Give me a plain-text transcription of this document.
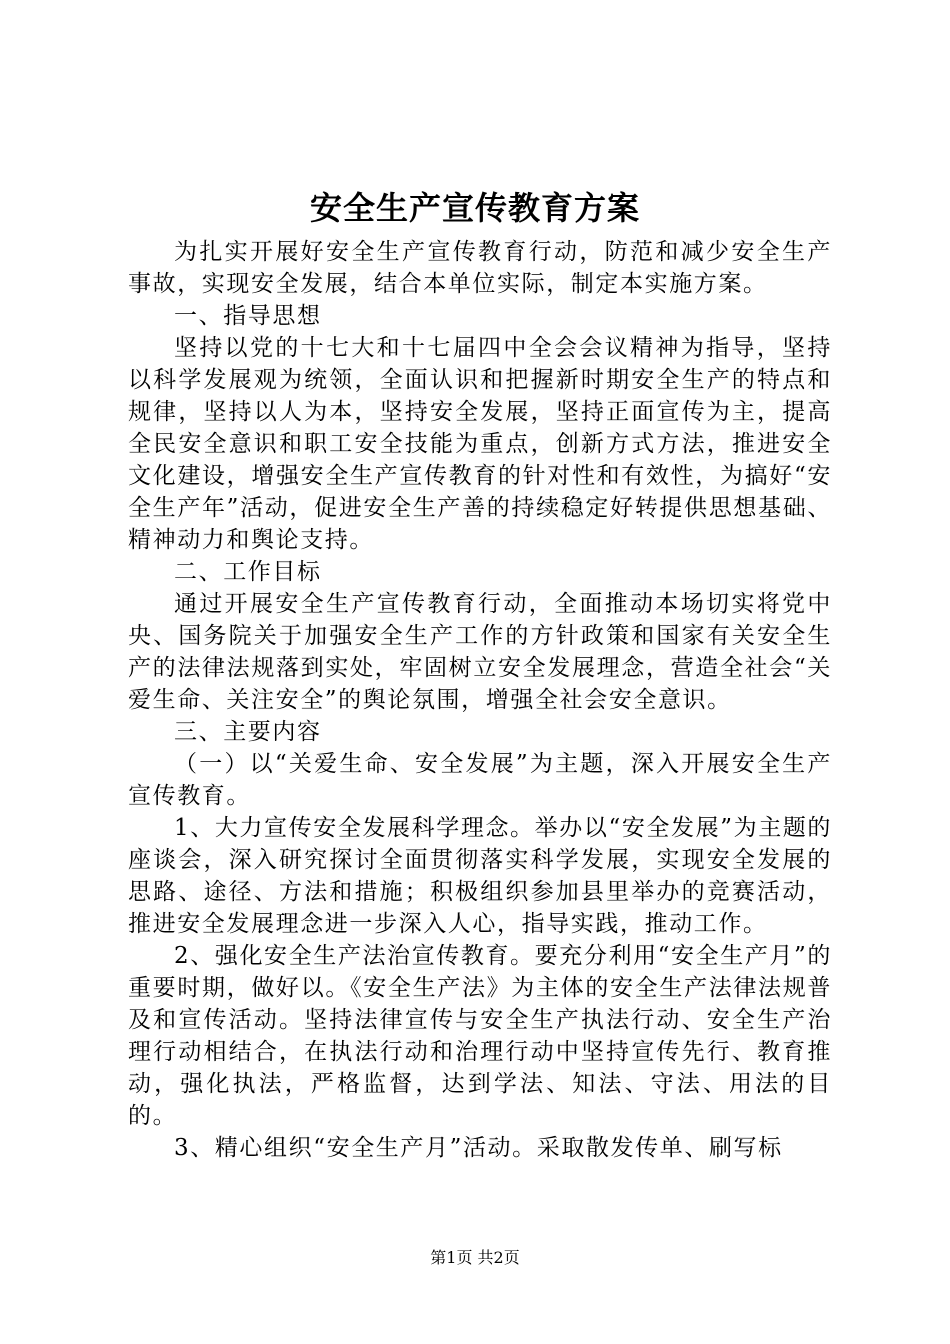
安全生产宣传教育方案

为扎实开展好安全生产宣传教育行动，防范和减少安全生产事故，实现安全发展，结合本单位实际，制定本实施方案。

一、指导思想

坚持以党的十七大和十七届四中全会会议精神为指导，坚持以科学发展观为统领，全面认识和把握新时期安全生产的特点和规律，坚持以人为本，坚持安全发展，坚持正面宣传为主，提高全民安全意识和职工安全技能为重点，创新方式方法，推进安全文化建设，增强安全生产宣传教育的针对性和有效性，为搞好“安全生产年”活动，促进安全生产善的持续稳定好转提供思想基础、精神动力和舆论支持。

二、工作目标

通过开展安全生产宣传教育行动，全面推动本场切实将党中央、国务院关于加强安全生产工作的方针政策和国家有关安全生产的法律法规落到实处，牢固树立安全发展理念，营造全社会“关爱生命、关注安全”的舆论氛围，增强全社会安全意识。

三、主要内容

（一）以“关爱生命、安全发展”为主题，深入开展安全生产宣传教育。

1、大力宣传安全发展科学理念。举办以“安全发展”为主题的座谈会，深入研究探讨全面贯彻落实科学发展，实现安全发展的思路、途径、方法和措施；积极组织参加县里举办的竞赛活动，推进安全发展理念进一步深入人心，指导实践，推动工作。

2、强化安全生产法治宣传教育。要充分利用“安全生产月”的重要时期，做好以。《安全生产法》为主体的安全生产法律法规普及和宣传活动。坚持法律宣传与安全生产执法行动、安全生产治理行动相结合，在执法行动和治理行动中坚持宣传先行、教育推动，强化执法，严格监督，达到学法、知法、守法、用法的目的。

3、精心组织“安全生产月”活动。采取散发传单、刷写标

第1页 共2页
